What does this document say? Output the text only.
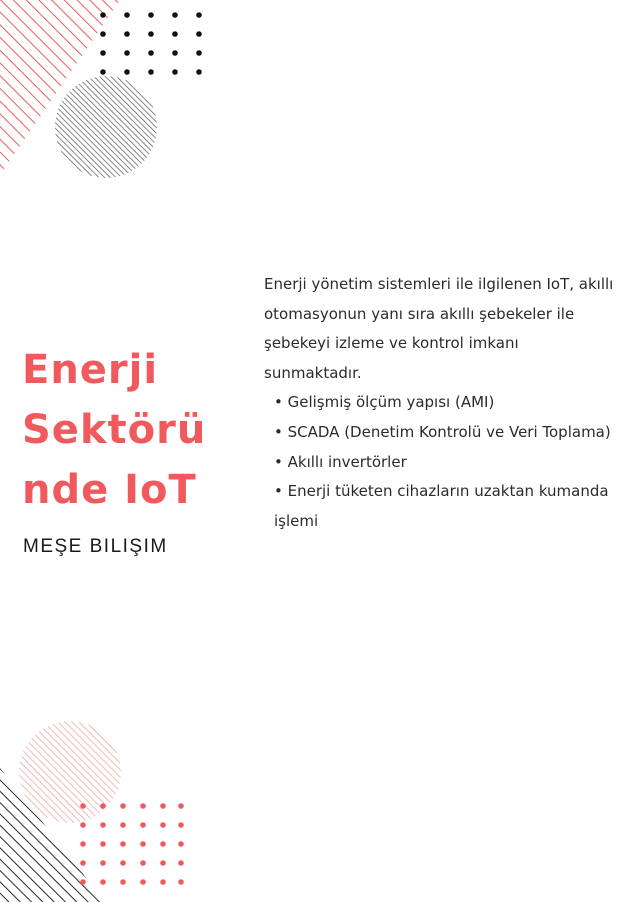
Enerji
Sektörü
nde IoT
MEŞE BILIŞIM

Enerji yönetim sistemleri ile ilgilenen IoT, akıllı otomasyonun yanı sıra akıllı şebekeler ile şebekeyi izleme ve kontrol imkanı sunmaktadır.

• Gelişmiş ölçüm yapısı (AMI)

• SCADA (Denetim Kontrolü ve Veri Toplama)

• Akıllı invertörler

• Enerji tüketen cihazların uzaktan kumanda işlemi
